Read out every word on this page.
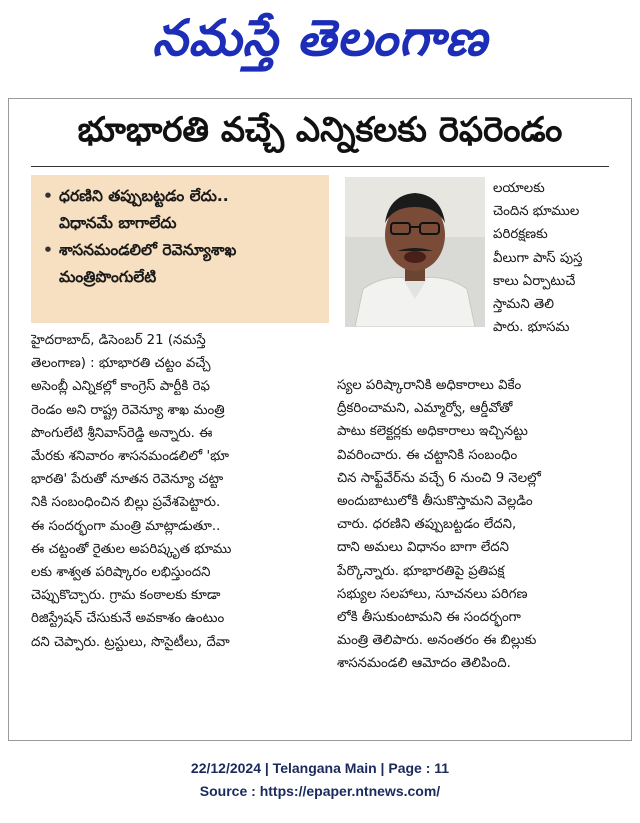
నమస్తే తెలంగాణ
భూభారతి వచ్చే ఎన్నికలకు రెఫరెండం
• ధరణిని తప్పుబట్టడం లేదు..
విధానమే బాగాలేదు
• శాసనమండలిలో రెవెన్యూశాఖ
మంత్రిపొంగులేటి
లయాలకు
చెందిన భూముల
పరిరక్షణకు
వీలుగా పాస్ పుస్త
కాలు ఏర్పాటుచే
స్తామని తెలి
పారు. భూసమ
హైదరాబాద్, డిసెంబర్ 21 (నమస్తే
తెలంగాణ) : భూభారతి చట్టం వచ్చే
అసెంబ్లీ ఎన్నికల్లో కాంగ్రెస్ పార్టీకి రెఫ
రెండం అని రాష్ట్ర రెవెన్యూ శాఖ మంత్రి
పొంగులేటి శ్రీనివాస్‌రెడ్డి అన్నారు. ఈ
మేరకు శనివారం శాసనమండలిలో 'భూ
భారతి' పేరుతో నూతన రెవెన్యూ చట్టా
నికి సంబంధించిన బిల్లు ప్రవేశపెట్టారు.
ఈ సందర్భంగా మంత్రి మాట్లాడుతూ..
ఈ చట్టంతో రైతుల అపరిష్కృత భూము
లకు శాశ్వత పరిష్కారం లభిస్తుందని
చెప్పుకొచ్చారు. గ్రామ కంఠాలకు కూడా
రిజిస్ట్రేషన్ చేసుకునే అవకాశం ఉంటుం
దని చెప్పారు. ట్రస్టులు, సొసైటీలు, దేవా
స్యల పరిష్కారానికి అధికారాలు వికేం
ద్రీకరించామని, ఎమ్మార్వో, ఆర్డీవోతో
పాటు కలెక్టర్లకు అధికారాలు ఇచ్చినట్టు
వివరించారు. ఈ చట్టానికి సంబంధిం
చిన సాఫ్ట్‌వేర్‌ను వచ్చే 6 నుంచి 9 నెలల్లో
అందుబాటులోకి తీసుకొస్తామని వెల్లడిం
చారు. ధరణిని తప్పుబట్టడం లేదని,
దాని అమలు విధానం బాగా లేదని
పేర్కొన్నారు. భూభారతిపై ప్రతిపక్ష
సభ్యుల సలహాలు, సూచనలు పరిగణ
లోకి తీసుకుంటామని ఈ సందర్భంగా
మంత్రి తెలిపారు. అనంతరం ఈ బిల్లుకు
శాసనమండలి ఆమోదం తెలిపింది.
22/12/2024 | Telangana Main | Page : 11
Source : https://epaper.ntnews.com/
